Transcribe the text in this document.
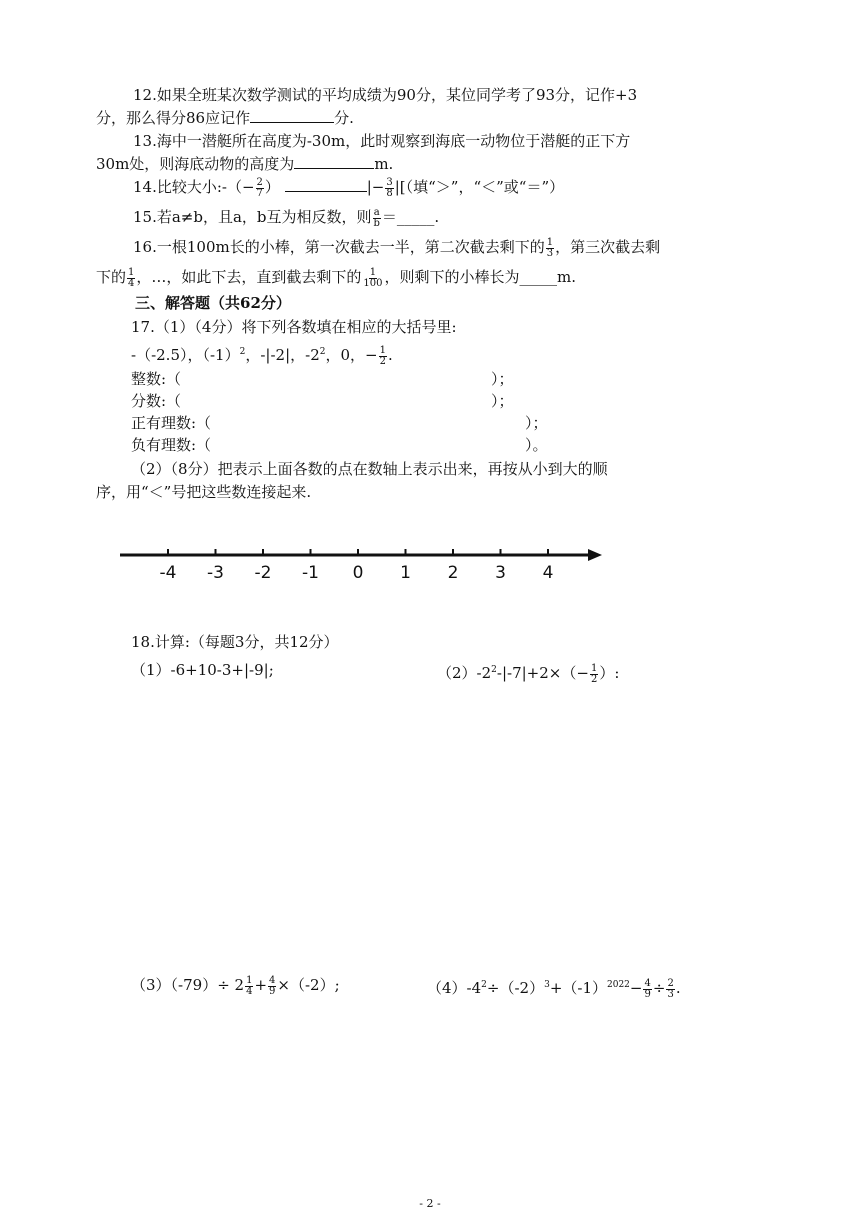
12.如果全班某次数学测试的平均成绩为90分，某位同学考了93分，记作+3
分，那么得分86应记作	分.
13.海中一潜艇所在高度为-30m，此时观察到海底一动物位于潜艇的正下方
30m处，则海底动物的高度为	m.
14.比较大小:-（− $\frac{2}{7}$ ）	|− $\frac{3}{8}$ |[（填“＞”，“＜”或“＝”）
15.若a≠b，且a，b互为相反数，则 $\frac{a}{b}$ ＝_____.
16.一根100m长的小棒，第一次截去一半，第二次截去剩下的 $\frac{1}{3}$ ，第三次截去剩
下的 $\frac{1}{4}$ ，…，如此下去，直到截去剩下的 $\frac{1}{100}$ ，则剩下的小棒长为_____m.
三、解答题（共62分）
17.（1）（4分）将下列各数填在相应的大括号里:
-（-2.5），$(-1)^2$，-|-2|，$-2^2$，0，− $\frac{1}{2}$ .
整数:（	）；
分数:（	）；
正有理数:（	）；
负有理数:（	）。
（2）（8分）把表示上面各数的点在数轴上表示出来，再按从小到大的顺
序，用“＜”号把这些数连接起来.
-4 -3 -2 -1 0 1 2 3 4
18.计算:（每题3分，共12分）
（1）-6+10-3+|-9|;	$(2)-2^2-|-7|+2\times(- \frac{1}{2}$ ）:
$(3)(-79)\div 2 \frac{1}{4} + \frac{4}{9} \times(-2)$;	$(4)-4^2\div(-2)^3+(-1)^{2022}- \frac{4}{9} \div \frac{2}{3}$ .
- 2 -
